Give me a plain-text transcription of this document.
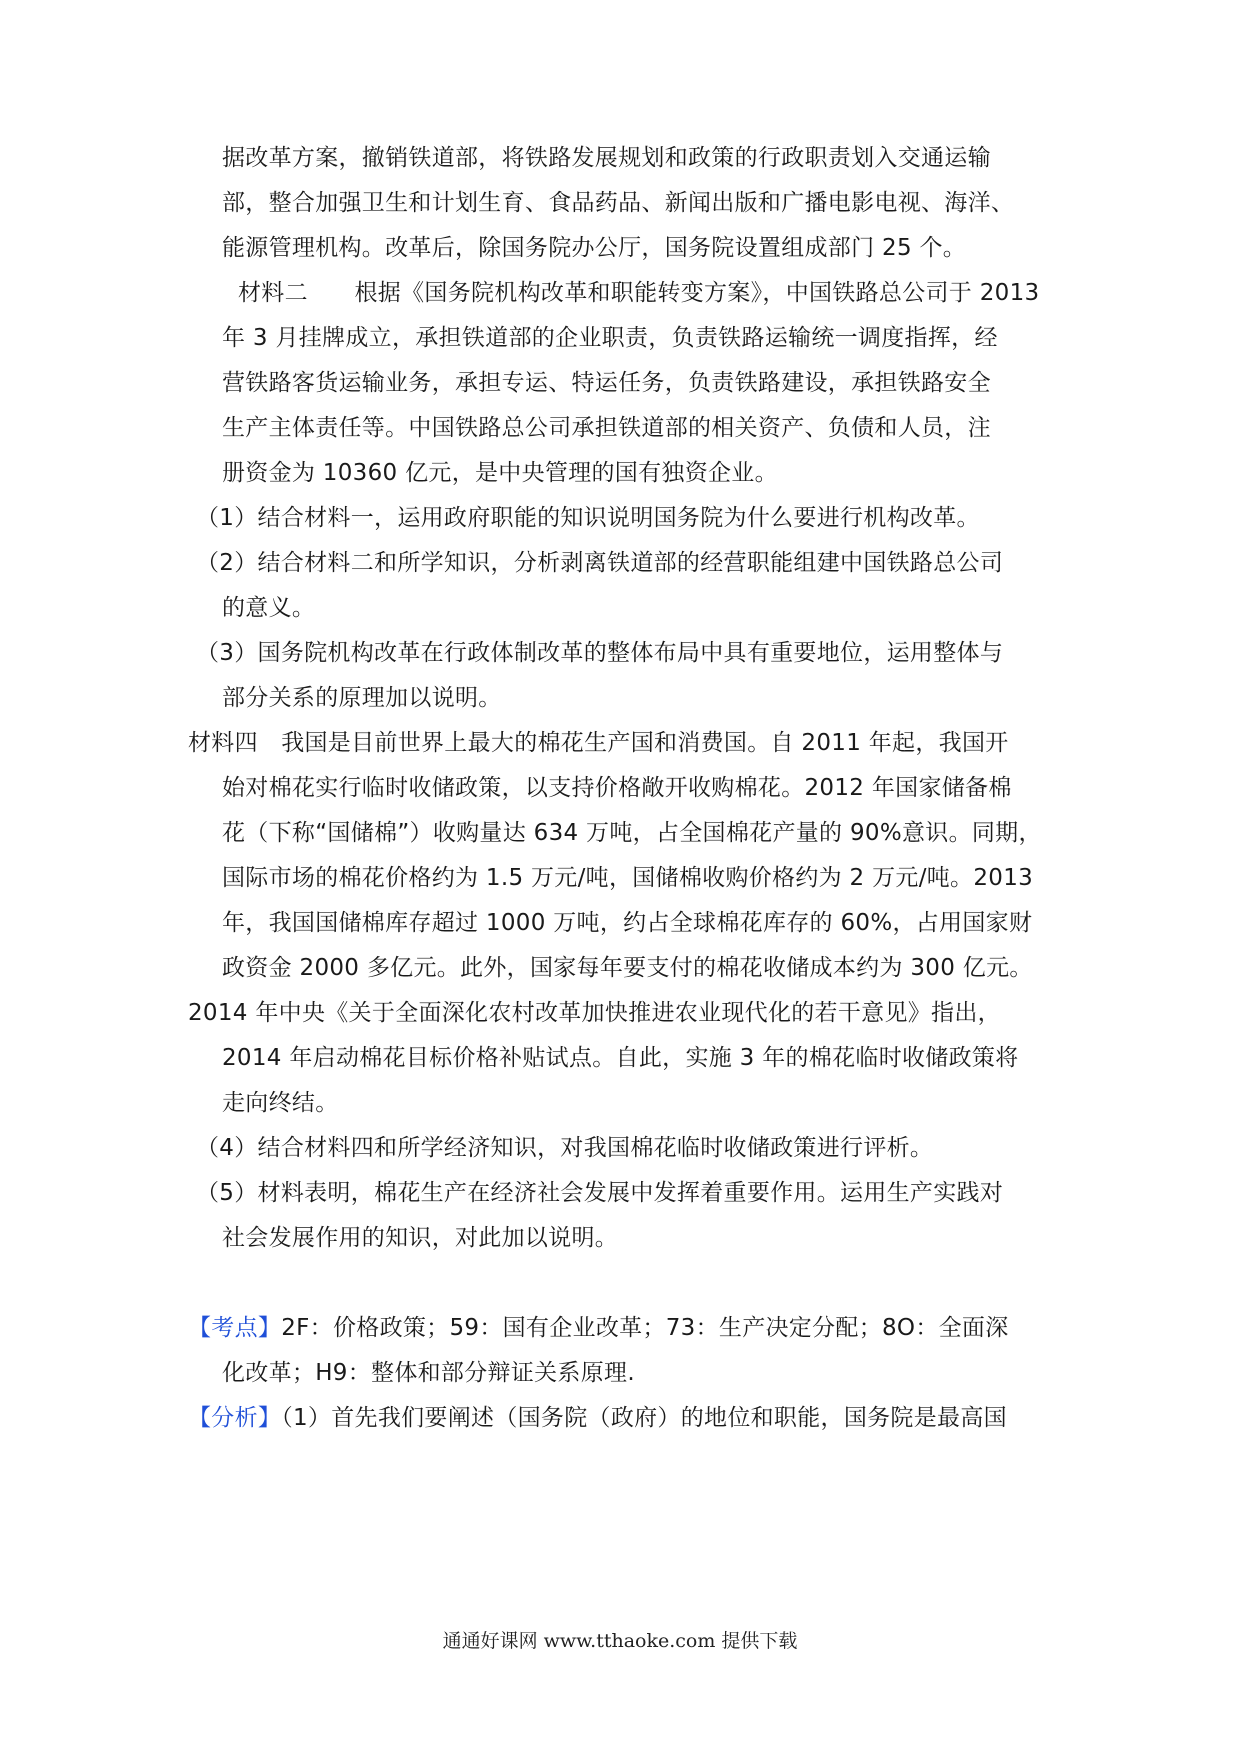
据改革方案，撤销铁道部，将铁路发展规划和政策的行政职责划入交通运输
部，整合加强卫生和计划生育、食品药品、新闻出版和广播电影电视、海洋、
能源管理机构。改革后，除国务院办公厅，国务院设置组成部门 25 个。
材料二　　根据《国务院机构改革和职能转变方案》，中国铁路总公司于 2013
年 3 月挂牌成立，承担铁道部的企业职责，负责铁路运输统一调度指挥，经
营铁路客货运输业务，承担专运、特运任务，负责铁路建设，承担铁路安全
生产主体责任等。中国铁路总公司承担铁道部的相关资产、负债和人员，注
册资金为 10360 亿元，是中央管理的国有独资企业。
（1）结合材料一，运用政府职能的知识说明国务院为什么要进行机构改革。
（2）结合材料二和所学知识，分析剥离铁道部的经营职能组建中国铁路总公司
的意义。
（3）国务院机构改革在行政体制改革的整体布局中具有重要地位，运用整体与
部分关系的原理加以说明。
材料四　我国是目前世界上最大的棉花生产国和消费国。自 2011 年起，我国开
始对棉花实行临时收储政策，以支持价格敞开收购棉花。2012 年国家储备棉
花（下称“国储棉”）收购量达 634 万吨，占全国棉花产量的 90%意识。同期，
国际市场的棉花价格约为 1.5 万元/吨，国储棉收购价格约为 2 万元/吨。2013
年，我国国储棉库存超过 1000 万吨，约占全球棉花库存的 60%，占用国家财
政资金 2000 多亿元。此外，国家每年要支付的棉花收储成本约为 300 亿元。
2014 年中央《关于全面深化农村改革加快推进农业现代化的若干意见》指出，
2014 年启动棉花目标价格补贴试点。自此，实施 3 年的棉花临时收储政策将
走向终结。
（4）结合材料四和所学经济知识，对我国棉花临时收储政策进行评析。
（5）材料表明，棉花生产在经济社会发展中发挥着重要作用。运用生产实践对
社会发展作用的知识，对此加以说明。
【考点】2F：价格政策；59：国有企业改革；73：生产决定分配；8O：全面深
化改革；H9：整体和部分辩证关系原理.
【分析】（1）首先我们要阐述（国务院（政府）的地位和职能，国务院是最高国
通通好课网 www.tthaoke.com 提供下载
